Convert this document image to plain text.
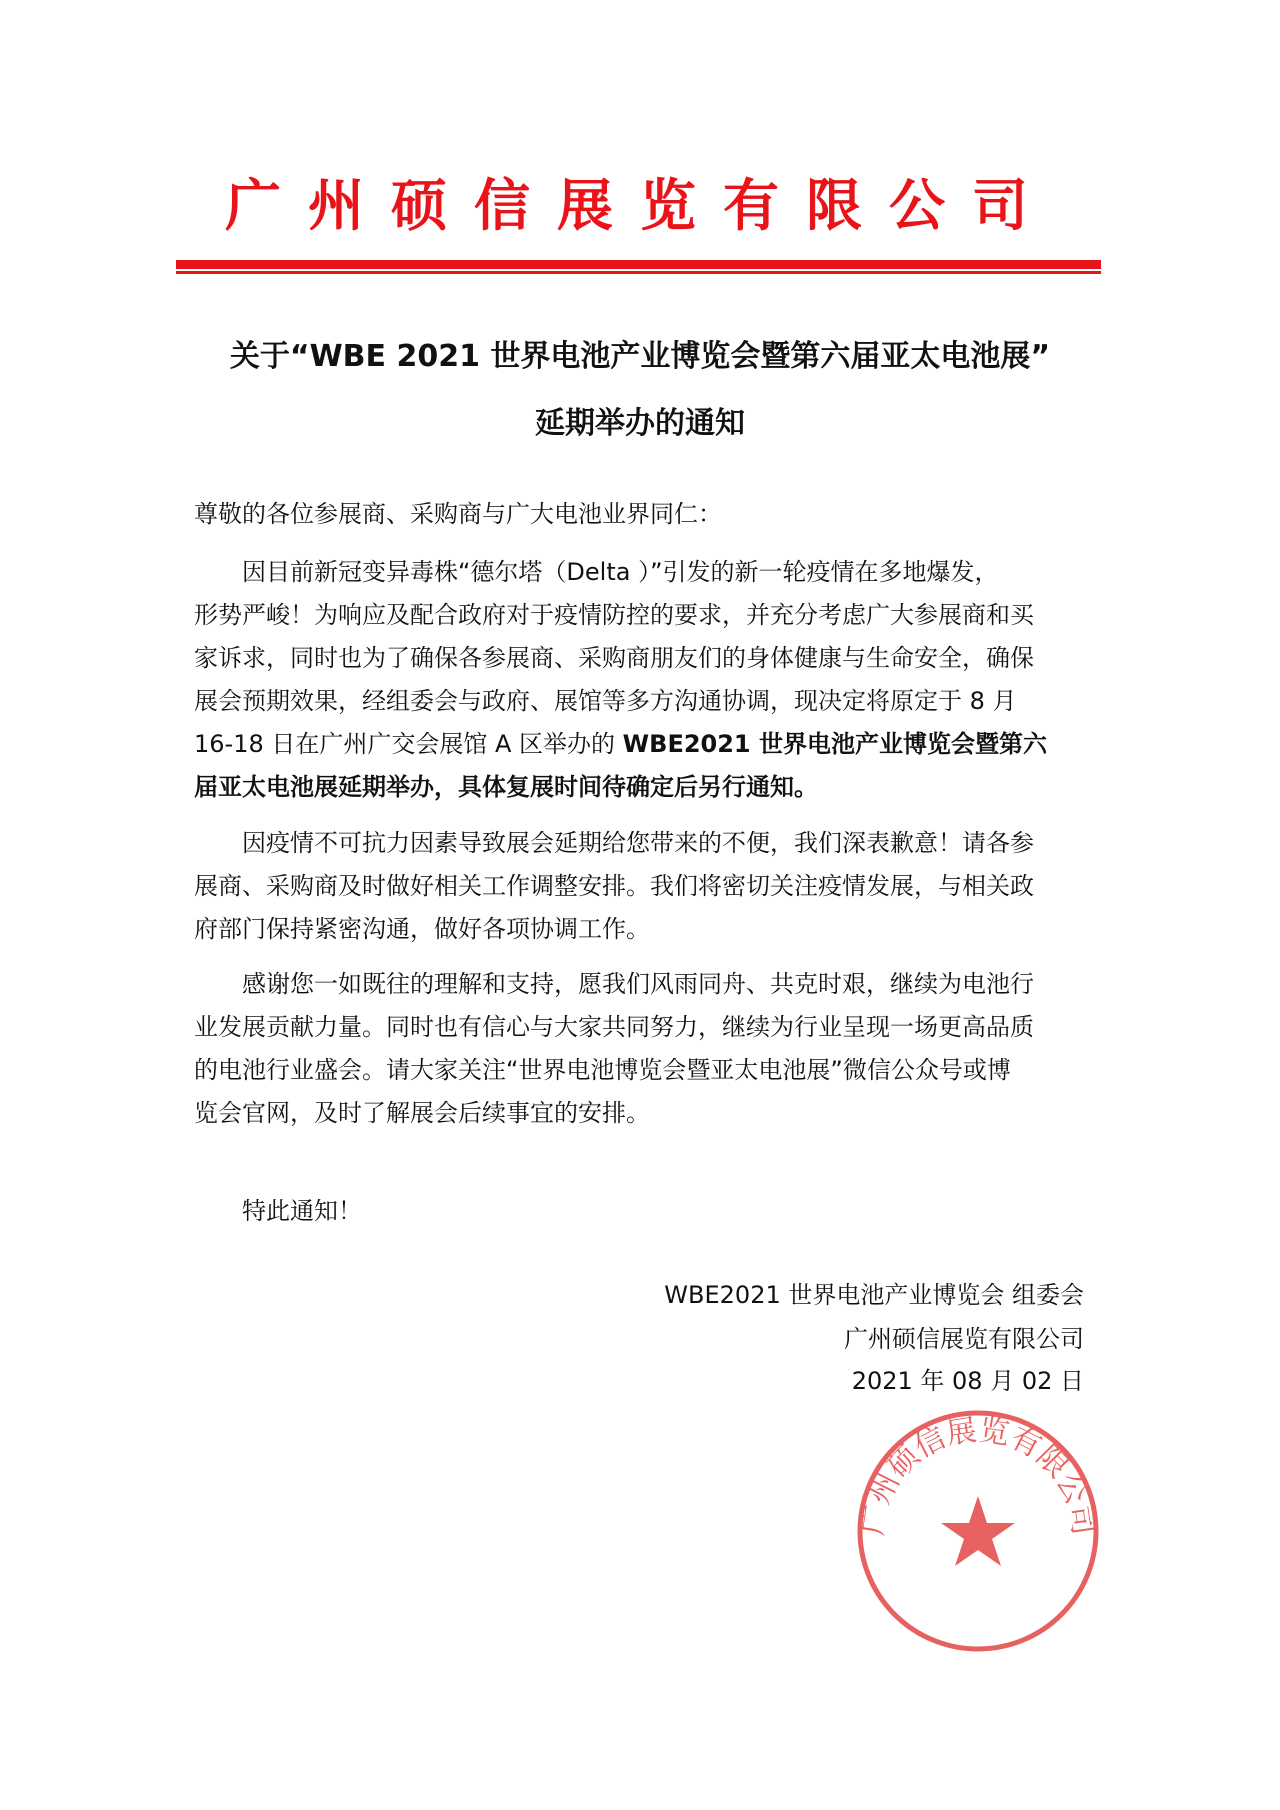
广州硕信展览有限公司
关于“WBE 2021 世界电池产业博览会暨第六届亚太电池展”
延期举办的通知
尊敬的各位参展商、采购商与广大电池业界同仁：
因目前新冠变异毒株“德尔塔（Delta ）”引发的新一轮疫情在多地爆发，
形势严峻！为响应及配合政府对于疫情防控的要求，并充分考虑广大参展商和买
家诉求，同时也为了确保各参展商、采购商朋友们的身体健康与生命安全，确保
展会预期效果，经组委会与政府、展馆等多方沟通协调，现决定将原定于 8 月
16-18 日在广州广交会展馆 A 区举办的 WBE2021 世界电池产业博览会暨第六
届亚太电池展延期举办，具体复展时间待确定后另行通知。
因疫情不可抗力因素导致展会延期给您带来的不便，我们深表歉意！请各参
展商、采购商及时做好相关工作调整安排。我们将密切关注疫情发展，与相关政
府部门保持紧密沟通，做好各项协调工作。
感谢您一如既往的理解和支持，愿我们风雨同舟、共克时艰，继续为电池行
业发展贡献力量。同时也有信心与大家共同努力，继续为行业呈现一场更高品质
的电池行业盛会。请大家关注“世界电池博览会暨亚太电池展”微信公众号或博
览会官网，及时了解展会后续事宜的安排。
特此通知！
WBE2021 世界电池产业博览会 组委会
广州硕信展览有限公司
2021 年 08 月 02 日
广州硕信展览有限公司
